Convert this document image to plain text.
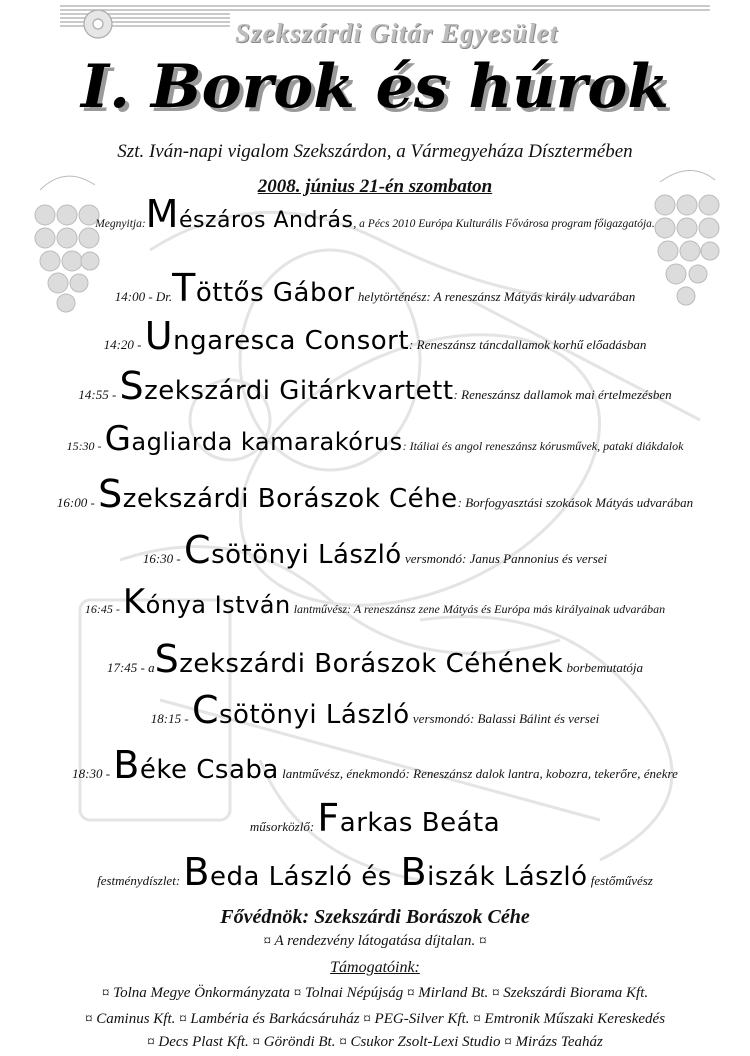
Szekszárdi Gitár Egyesület
I. Borok és húrok
Szt. Iván-napi vigalom Szekszárdon, a Vármegyeháza Dísztermében
2008. június 21-én szombaton
Megnyitja:Mészáros András, a Pécs 2010 Európa Kulturális Fővárosa program főigazgatója.
14:00 - Dr.Töttős Gábor helytörténész: A reneszánsz Mátyás király udvarában
14:20 - Ungaresca Consort: Reneszánsz táncdallamok korhű előadásban
14:55 - Szekszárdi Gitárkvartett: Reneszánsz dallamok mai értelmezésben
15:30 - Gagliarda kamarakórus: Itáliai és angol reneszánsz kórusművek, pataki diákdalok
16:00 - Szekszárdi Borászok Céhe: Borfogyasztási szokások Mátyás udvarában
16:30 - Csötönyi László versmondó: Janus Pannonius és versei
16:45 - Kónya István lantművész: A reneszánsz zene Mátyás és Európa más királyainak udvarában
17:45 - aSzekszárdi Borászok Céhének borbemutatója
18:15 - Csötönyi László versmondó: Balassi Bálint és versei
18:30 - Béke Csaba lantművész, énekmondó: Reneszánsz dalok lantra, kobozra, tekerőre, énekre
műsorközlő: Farkas Beáta
festménydíszlet: Beda László és Biszák László festőművész
Fővédnök: Szekszárdi Borászok Céhe
¤ A rendezvény látogatása díjtalan. ¤
Támogatóink:
¤ Tolna Megye Önkormányzata ¤ Tolnai Népújság ¤ Mirland Bt. ¤ Szekszárdi Biorama Kft.
¤ Caminus Kft. ¤ Lambéria és Barkácsáruház ¤ PEG-Silver Kft. ¤ Emtronik Műszaki Kereskedés
¤ Decs Plast Kft. ¤ Göröndi Bt. ¤ Csukor Zsolt-Lexi Studio ¤ Mirázs Teaház
